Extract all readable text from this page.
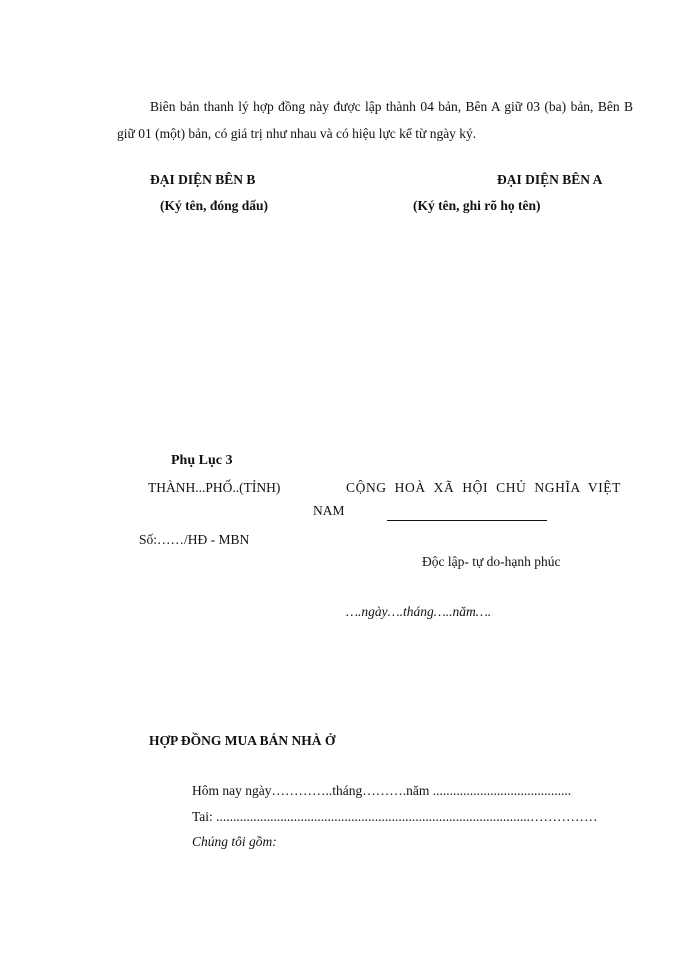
Biên bản thanh lý hợp đồng này được lập thành 04 bản, Bên A giữ 03 (ba) bản, Bên B giữ 01 (một) bản, có giá trị như nhau và có hiệu lực kể từ ngày ký.
ĐẠI DIỆN BÊN B
(Ký tên, đóng dấu)
ĐẠI DIỆN BÊN A
(Ký tên, ghi rõ họ tên)
Phụ Lục 3
THÀNH...PHỐ..(TỈNH)	CỘNG HOÀ XÃ HỘI CHỦ NGHĨA VIỆT
NAM
Số:……/HĐ - MBN
Độc lập- tự do-hạnh phúc
….ngày….tháng…..năm….
HỢP ĐỒNG MUA BÁN NHÀ Ở
Hôm nay ngày…………..tháng……….năm .........................................
Tai: .............................................................................................……………
Chúng tôi gồm:
